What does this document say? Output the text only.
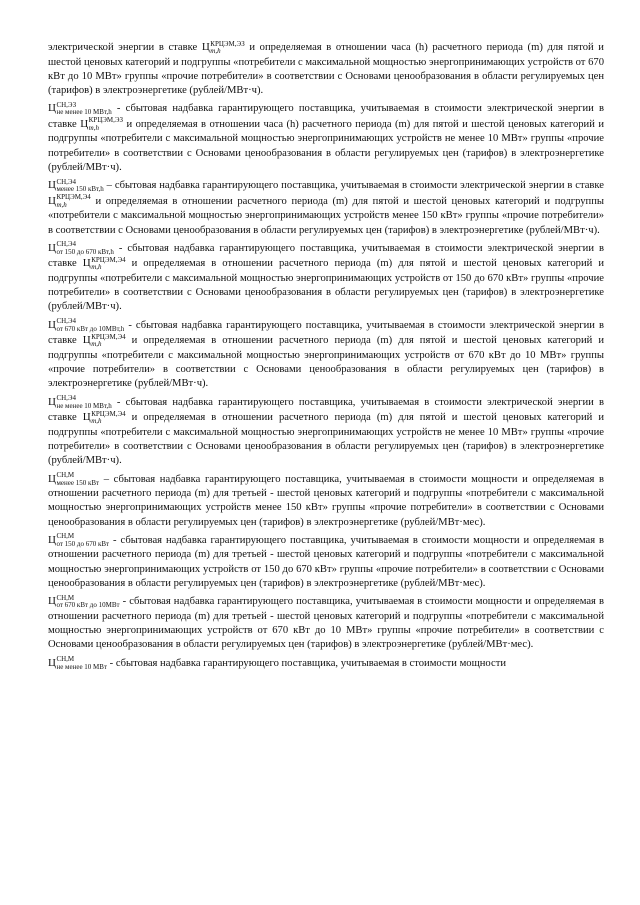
электрической энергии в ставке Ц КРЦЭМ,ЭЗ
m,h	и определяемая в отношении часа (h) расчетного периода (m) для пятой и шестой ценовых категорий и подгруппы «потребители с максимальной мощностью энергопринимающих устройств от 670 кВт до 10 МВт» группы «прочие потребители» в соответствии с Основами ценообразования в области регулируемых цен (тарифов) в электроэнергетике (рублей/МВт·ч).

Ц СН,ЭЗ
не менее 10 МВт,h - сбытовая надбавка гарантирующего поставщика, учитываемая в стоимости электрической энергии в ставке Ц КРЦЭМ,ЭЗ
m,h	и определяемая в отношении часа (h) расчетного периода (m) для пятой и шестой ценовых категорий и подгруппы «потребители с максимальной мощностью энергопринимающих устройств не менее 10 МВт» группы «прочие потребители» в соответствии с Основами ценообразования в области регулируемых цен (тарифов) в электроэнергетике (рублей/МВт·ч).

Ц СН,Э4
менее 150 кВт,h – сбытовая надбавка гарантирующего поставщика, учитываемая в стоимости электрической энергии в ставке Ц КРЦЭМ,Э4
m,h	и определяемая в отношении расчетного периода (m) для пятой и шестой ценовых категорий и подгруппы «потребители с максимальной мощностью энергопринимающих устройств менее 150 кВт» группы «прочие потребители» в соответствии с Основами ценообразования в области регулируемых цен (тарифов) в электроэнергетике (рублей/МВт·ч).

Ц СН,Э4
от 150 до 670 кВт,h - сбытовая надбавка гарантирующего поставщика, учитываемая в стоимости электрической энергии в ставке Ц КРЦЭМ,Э4
m,h	и определяемая в отношении расчетного периода (m) для пятой и шестой ценовых категорий и подгруппы «потребители с максимальной мощностью энергопринимающих устройств от 150 до 670 кВт» группы «прочие потребители» в соответствии с Основами ценообразования в области регулируемых цен (тарифов) в электроэнергетике (рублей/МВт·ч).

Ц СН,Э4
от 670 кВт до 10МВт,h - сбытовая надбавка гарантирующего поставщика, учитываемая в стоимости электрической энергии в ставке Ц КРЦЭМ,Э4
m,h	и определяемая в отношении расчетного периода (m) для пятой и шестой ценовых категорий и подгруппы «потребители с максимальной мощностью энергопринимающих устройств от 670 кВт до 10 МВт» группы «прочие потребители» в соответствии с Основами ценообразования в области регулируемых цен (тарифов) в электроэнергетике (рублей/МВт·ч).

Ц СН,Э4
не менее 10 МВт,h - сбытовая надбавка гарантирующего поставщика, учитываемая в стоимости электрической энергии в ставке Ц КРЦЭМ,Э4
m,h	и определяемая в отношении расчетного периода (m) для пятой и шестой ценовых категорий и подгруппы «потребители с максимальной мощностью энергопринимающих устройств не менее 10 МВт» группы «прочие потребители» в соответствии с Основами ценообразования в области регулируемых цен (тарифов) в электроэнергетике (рублей/МВт·ч).

Ц СН,М
менее 150 кВт – сбытовая надбавка гарантирующего поставщика, учитываемая в стоимости мощности и определяемая в отношении расчетного периода (m) для третьей - шестой ценовых категорий и подгруппы «потребители с максимальной мощностью энергопринимающих устройств менее 150 кВт» группы «прочие потребители» в соответствии с Основами ценообразования в области регулируемых цен (тарифов) в электроэнергетике (рублей/МВт·мес).

Ц СН,М
от 150 до 670 кВт - сбытовая надбавка гарантирующего поставщика, учитываемая в стоимости мощности и определяемая в отношении расчетного периода (m) для третьей - шестой ценовых категорий и подгруппы «потребители с максимальной мощностью энергопринимающих устройств от 150 до 670 кВт» группы «прочие потребители» в соответствии с Основами ценообразования в области регулируемых цен (тарифов) в электроэнергетике (рублей/МВт·мес).

Ц СН,М
от 670 кВт до 10МВт - сбытовая надбавка гарантирующего поставщика, учитываемая в стоимости мощности и определяемая в отношении расчетного периода (m) для третьей - шестой ценовых категорий и подгруппы «потребители с максимальной мощностью энергопринимающих устройств от 670 кВт до 10 МВт» группы «прочие потребители» в соответствии с Основами ценообразования в области регулируемых цен (тарифов) в электроэнергетике (рублей/МВт·мес).

Ц СН,М
не менее 10 МВт - сбытовая надбавка гарантирующего поставщика, учитываемая в стоимости мощности
